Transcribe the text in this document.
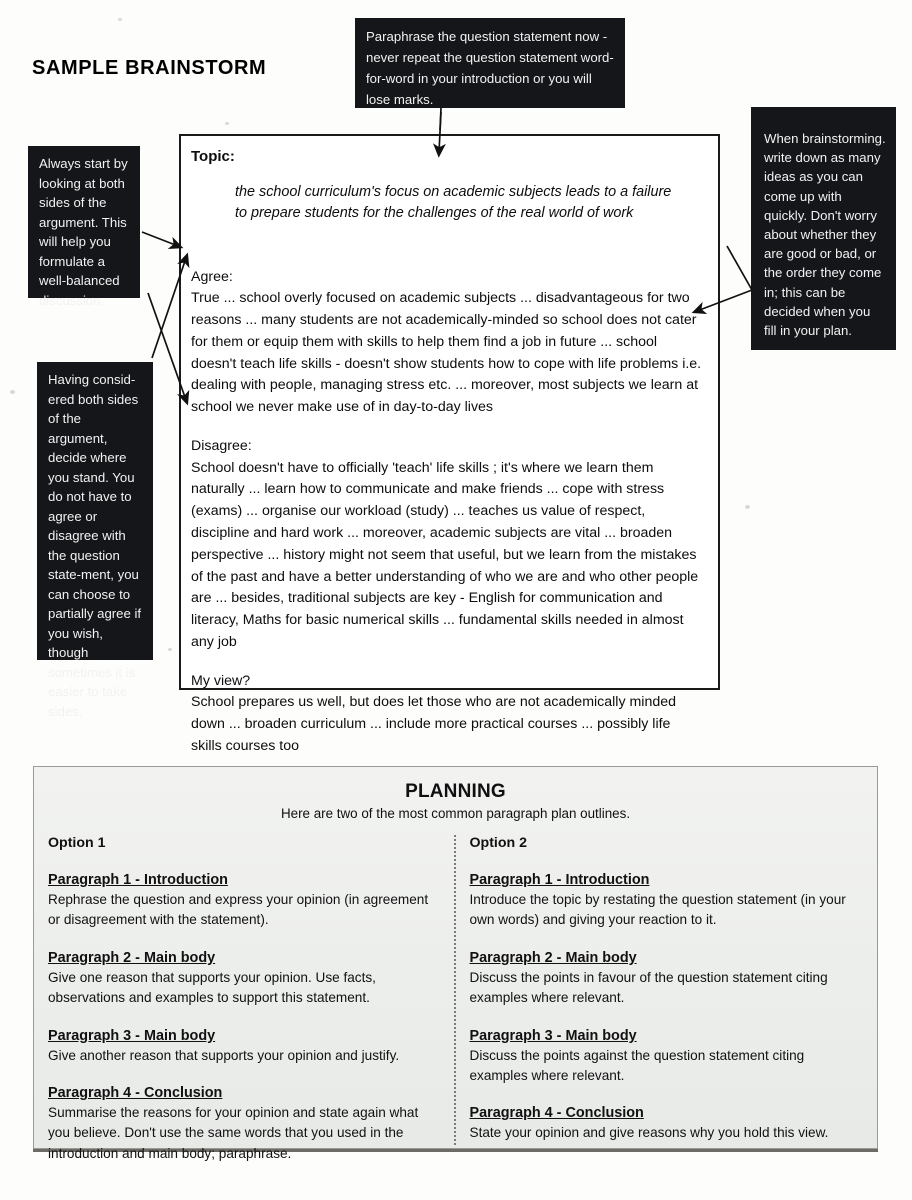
SAMPLE BRAINSTORM
Topic:
the school curriculum's focus on academic subjects leads to a failure to prepare students for the challenges of the real world of work
Agree:
True ... school overly focused on academic subjects ... disadvantageous for two reasons ... many students are not academically-minded so school does not cater for them or equip them with skills to help them find a job in future ... school doesn't teach life skills - doesn't show students how to cope with life problems i.e. dealing with people, managing stress etc. ... moreover, most subjects we learn at school we never make use of in day-to-day lives
Disagree:
School doesn't have to officially 'teach' life skills ; it's where we learn them naturally ... learn how to communicate and make friends ... cope with stress (exams) ... organise our workload (study) ... teaches us value of respect, discipline and hard work ... moreover, academic subjects are vital ... broaden perspective ... history might not seem that useful, but we learn from the mistakes of the past and have a better understanding of who we are and who other people are ... besides, traditional subjects are key - English for communication and literacy, Maths for basic numerical skills ... fundamental skills needed in almost any job
My view?
School prepares us well, but does let those who are not academically minded down ... broaden curriculum ... include more practical courses ... possibly life skills courses too
Paraphrase the question statement now - never repeat the question statement word-for-word in your introduction or you will lose marks.
Always start by looking at both sides of the argument. This will help you formulate a well-balanced discussion.
Having consid-ered both sides of the argument, decide where you stand. You do not have to agree or disagree with the question state-ment, you can choose to partially agree if you wish, though sometimes it is easier to take sides.
When brainstorming. write down as many ideas as you can come up with quickly. Don't worry about whether they are good or bad, or the order they come in; this can be decided when you fill in your plan.
PLANNING
Here are two of the most common paragraph plan outlines.
Option 1
Paragraph 1 - Introduction
Rephrase the question and express your opinion (in agreement or disagreement with the statement).
Paragraph 2 - Main body
Give one reason that supports your opinion. Use facts, observations and examples to support this statement.
Paragraph 3 - Main body
Give another reason that supports your opinion and justify.
Paragraph 4 - Conclusion
Summarise the reasons for your opinion and state again what you believe. Don't use the same words that you used in the introduction and main body; paraphrase.
Option 2
Paragraph 1 - Introduction
Introduce the topic by restating the question statement (in your own words) and giving your reaction to it.
Paragraph 2 - Main body
Discuss the points in favour of the question statement citing examples where relevant.
Paragraph 3 - Main body
Discuss the points against the question statement citing examples where relevant.
Paragraph 4 - Conclusion
State your opinion and give reasons why you hold this view.
